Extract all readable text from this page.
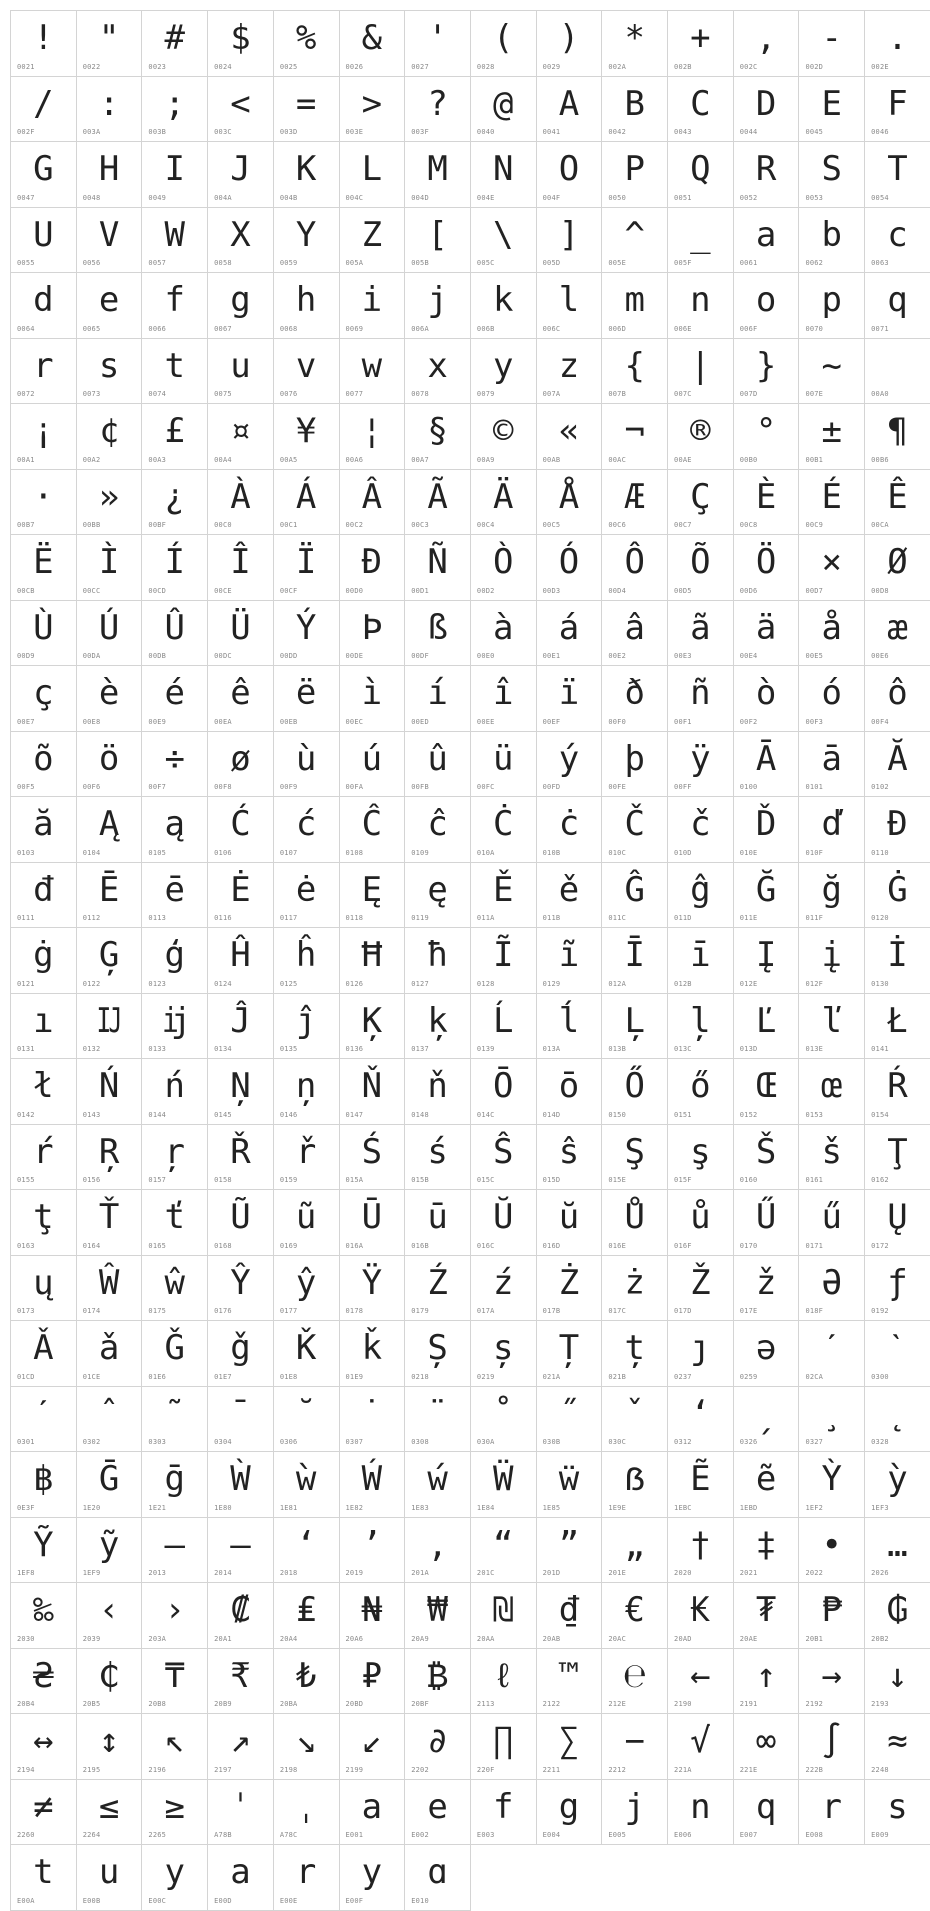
!
0021
"
0022
#
0023
$
0024
%
0025
&
0026
'
0027
(
0028
)
0029
*
002A
+
002B
,
002C
-
002D
.
002E
/
002F
:
003A
;
003B
<
003C
=
003D
>
003E
?
003F
@
0040
A
0041
B
0042
C
0043
D
0044
E
0045
F
0046
G
0047
H
0048
I
0049
J
004A
K
004B
L
004C
M
004D
N
004E
O
004F
P
0050
Q
0051
R
0052
S
0053
T
0054
U
0055
V
0056
W
0057
X
0058
Y
0059
Z
005A
[
005B
\
005C
]
005D
^
005E
_
005F
a
0061
b
0062
c
0063
d
0064
e
0065
f
0066
g
0067
h
0068
i
0069
j
006A
k
006B
l
006C
m
006D
n
006E
o
006F
p
0070
q
0071
r
0072
s
0073
t
0074
u
0075
v
0076
w
0077
x
0078
y
0079
z
007A
{
007B
|
007C
}
007D
~
007E	00A0
¡
00A1
¢
00A2
£
00A3
¤
00A4
¥
00A5
¦
00A6
§
00A7
©
00A9
«
00AB
¬
00AC
®
00AE
°
00B0
±
00B1
¶
00B6
·
00B7
»
00BB
¿
00BF
À
00C0
Á
00C1
Â
00C2
Ã
00C3
Ä
00C4
Å
00C5
Æ
00C6
Ç
00C7
È
00C8
É
00C9
Ê
00CA
Ë
00CB
Ì
00CC
Í
00CD
Î
00CE
Ï
00CF
Ð
00D0
Ñ
00D1
Ò
00D2
Ó
00D3
Ô
00D4
Õ
00D5
Ö
00D6
×
00D7
Ø
00D8
Ù
00D9
Ú
00DA
Û
00DB
Ü
00DC
Ý
00DD
Þ
00DE
ß
00DF
à
00E0
á
00E1
â
00E2
ã
00E3
ä
00E4
å
00E5
æ
00E6
ç
00E7
è
00E8
é
00E9
ê
00EA
ë
00EB
ì
00EC
í
00ED
î
00EE
ï
00EF
ð
00F0
ñ
00F1
ò
00F2
ó
00F3
ô
00F4
õ
00F5
ö
00F6
÷
00F7
ø
00F8
ù
00F9
ú
00FA
û
00FB
ü
00FC
ý
00FD
þ
00FE
ÿ
00FF
Ā
0100
ā
0101
Ă
0102
ă
0103
Ą
0104
ą
0105
Ć
0106
ć
0107
Ĉ
0108
ĉ
0109
Ċ
010A
ċ
010B
Č
010C
č
010D
Ď
010E
ď
010F
Đ
0110
đ
0111
Ē
0112
ē
0113
Ė
0116
ė
0117
Ę
0118
ę
0119
Ě
011A
ě
011B
Ĝ
011C
ĝ
011D
Ğ
011E
ğ
011F
Ġ
0120
ġ
0121
Ģ
0122
ģ
0123
Ĥ
0124
ĥ
0125
Ħ
0126
ħ
0127
Ĩ
0128
ĩ
0129
Ī
012A
ī
012B
Į
012E
į
012F
İ
0130
ı
0131
Ĳ
0132
ĳ
0133
Ĵ
0134
ĵ
0135
Ķ
0136
ķ
0137
Ĺ
0139
ĺ
013A
Ļ
013B
ļ
013C
Ľ
013D
ľ
013E
Ł
0141
ł
0142
Ń
0143
ń
0144
Ņ
0145
ņ
0146
Ň
0147
ň
0148
Ō
014C
ō
014D
Ő
0150
ő
0151
Œ
0152
œ
0153
Ŕ
0154
ŕ
0155
Ŗ
0156
ŗ
0157
Ř
0158
ř
0159
Ś
015A
ś
015B
Ŝ
015C
ŝ
015D
Ş
015E
ş
015F
Š
0160
š
0161
Ţ
0162
ţ
0163
Ť
0164
ť
0165
Ũ
0168
ũ
0169
Ū
016A
ū
016B
Ŭ
016C
ŭ
016D
Ů
016E
ů
016F
Ű
0170
ű
0171
Ų
0172
ų
0173
Ŵ
0174
ŵ
0175
Ŷ
0176
ŷ
0177
Ÿ
0178
Ź
0179
ź
017A
Ż
017B
ż
017C
Ž
017D
ž
017E
Ə
018F
ƒ
0192
Ǎ
01CD
ǎ
01CE
Ǧ
01E6
ǧ
01E7
Ǩ
01E8
ǩ
01E9
Ș
0218
ș
0219
Ț
021A
ț
021B
ȷ
0237
ə
0259
ˊ
02CA
ˋ
0300
ˊ
0301
ˆ
0302
˜
0303
ˉ
0304
˘
0306
˙
0307
¨
0308
˚
030A
˝
030B
ˇ
030C
ʻ
0312
ˏ
0326
¸
0327
˛
0328
฿
0E3F
Ḡ
1E20
ḡ
1E21
Ẁ
1E80
ẁ
1E81
Ẃ
1E82
ẃ
1E83
Ẅ
1E84
ẅ
1E85
ẞ
1E9E
Ẽ
1EBC
ẽ
1EBD
Ỳ
1EF2
ỳ
1EF3
Ỹ
1EF8
ỹ
1EF9
–
2013
—
2014
‘
2018
’
2019
‚
201A
“
201C
”
201D
„
201E
†
2020
‡
2021
•
2022
…
2026
‰
2030
‹
2039
›
203A
₡
20A1
₤
20A4
₦
20A6
₩
20A9
₪
20AA
₫
20AB
€
20AC
₭
20AD
₮
20AE
₱
20B1
₲
20B2
₴
20B4
₵
20B5
₸
20B8
₹
20B9
₺
20BA
₽
20BD
₿
20BF
ℓ
2113
™
2122
℮
212E
←
2190
↑
2191
→
2192
↓
2193
↔
2194
↕
2195
↖
2196
↗
2197
↘
2198
↙
2199
∂
2202
∏
220F
∑
2211
−
2212
√
221A
∞
221E
∫
222B
≈
2248
≠
2260
≤
2264
≥
2265
ˈ
A78B
ˌ
A78C
a
E001
e
E002
f
E003
g
E004
j
E005
n
E006
q
E007
r
E008
s
E009
t
E00A
u
E00B
y
E00C
a
E00D
r
E00E
y
E00F
ɑ
E010
